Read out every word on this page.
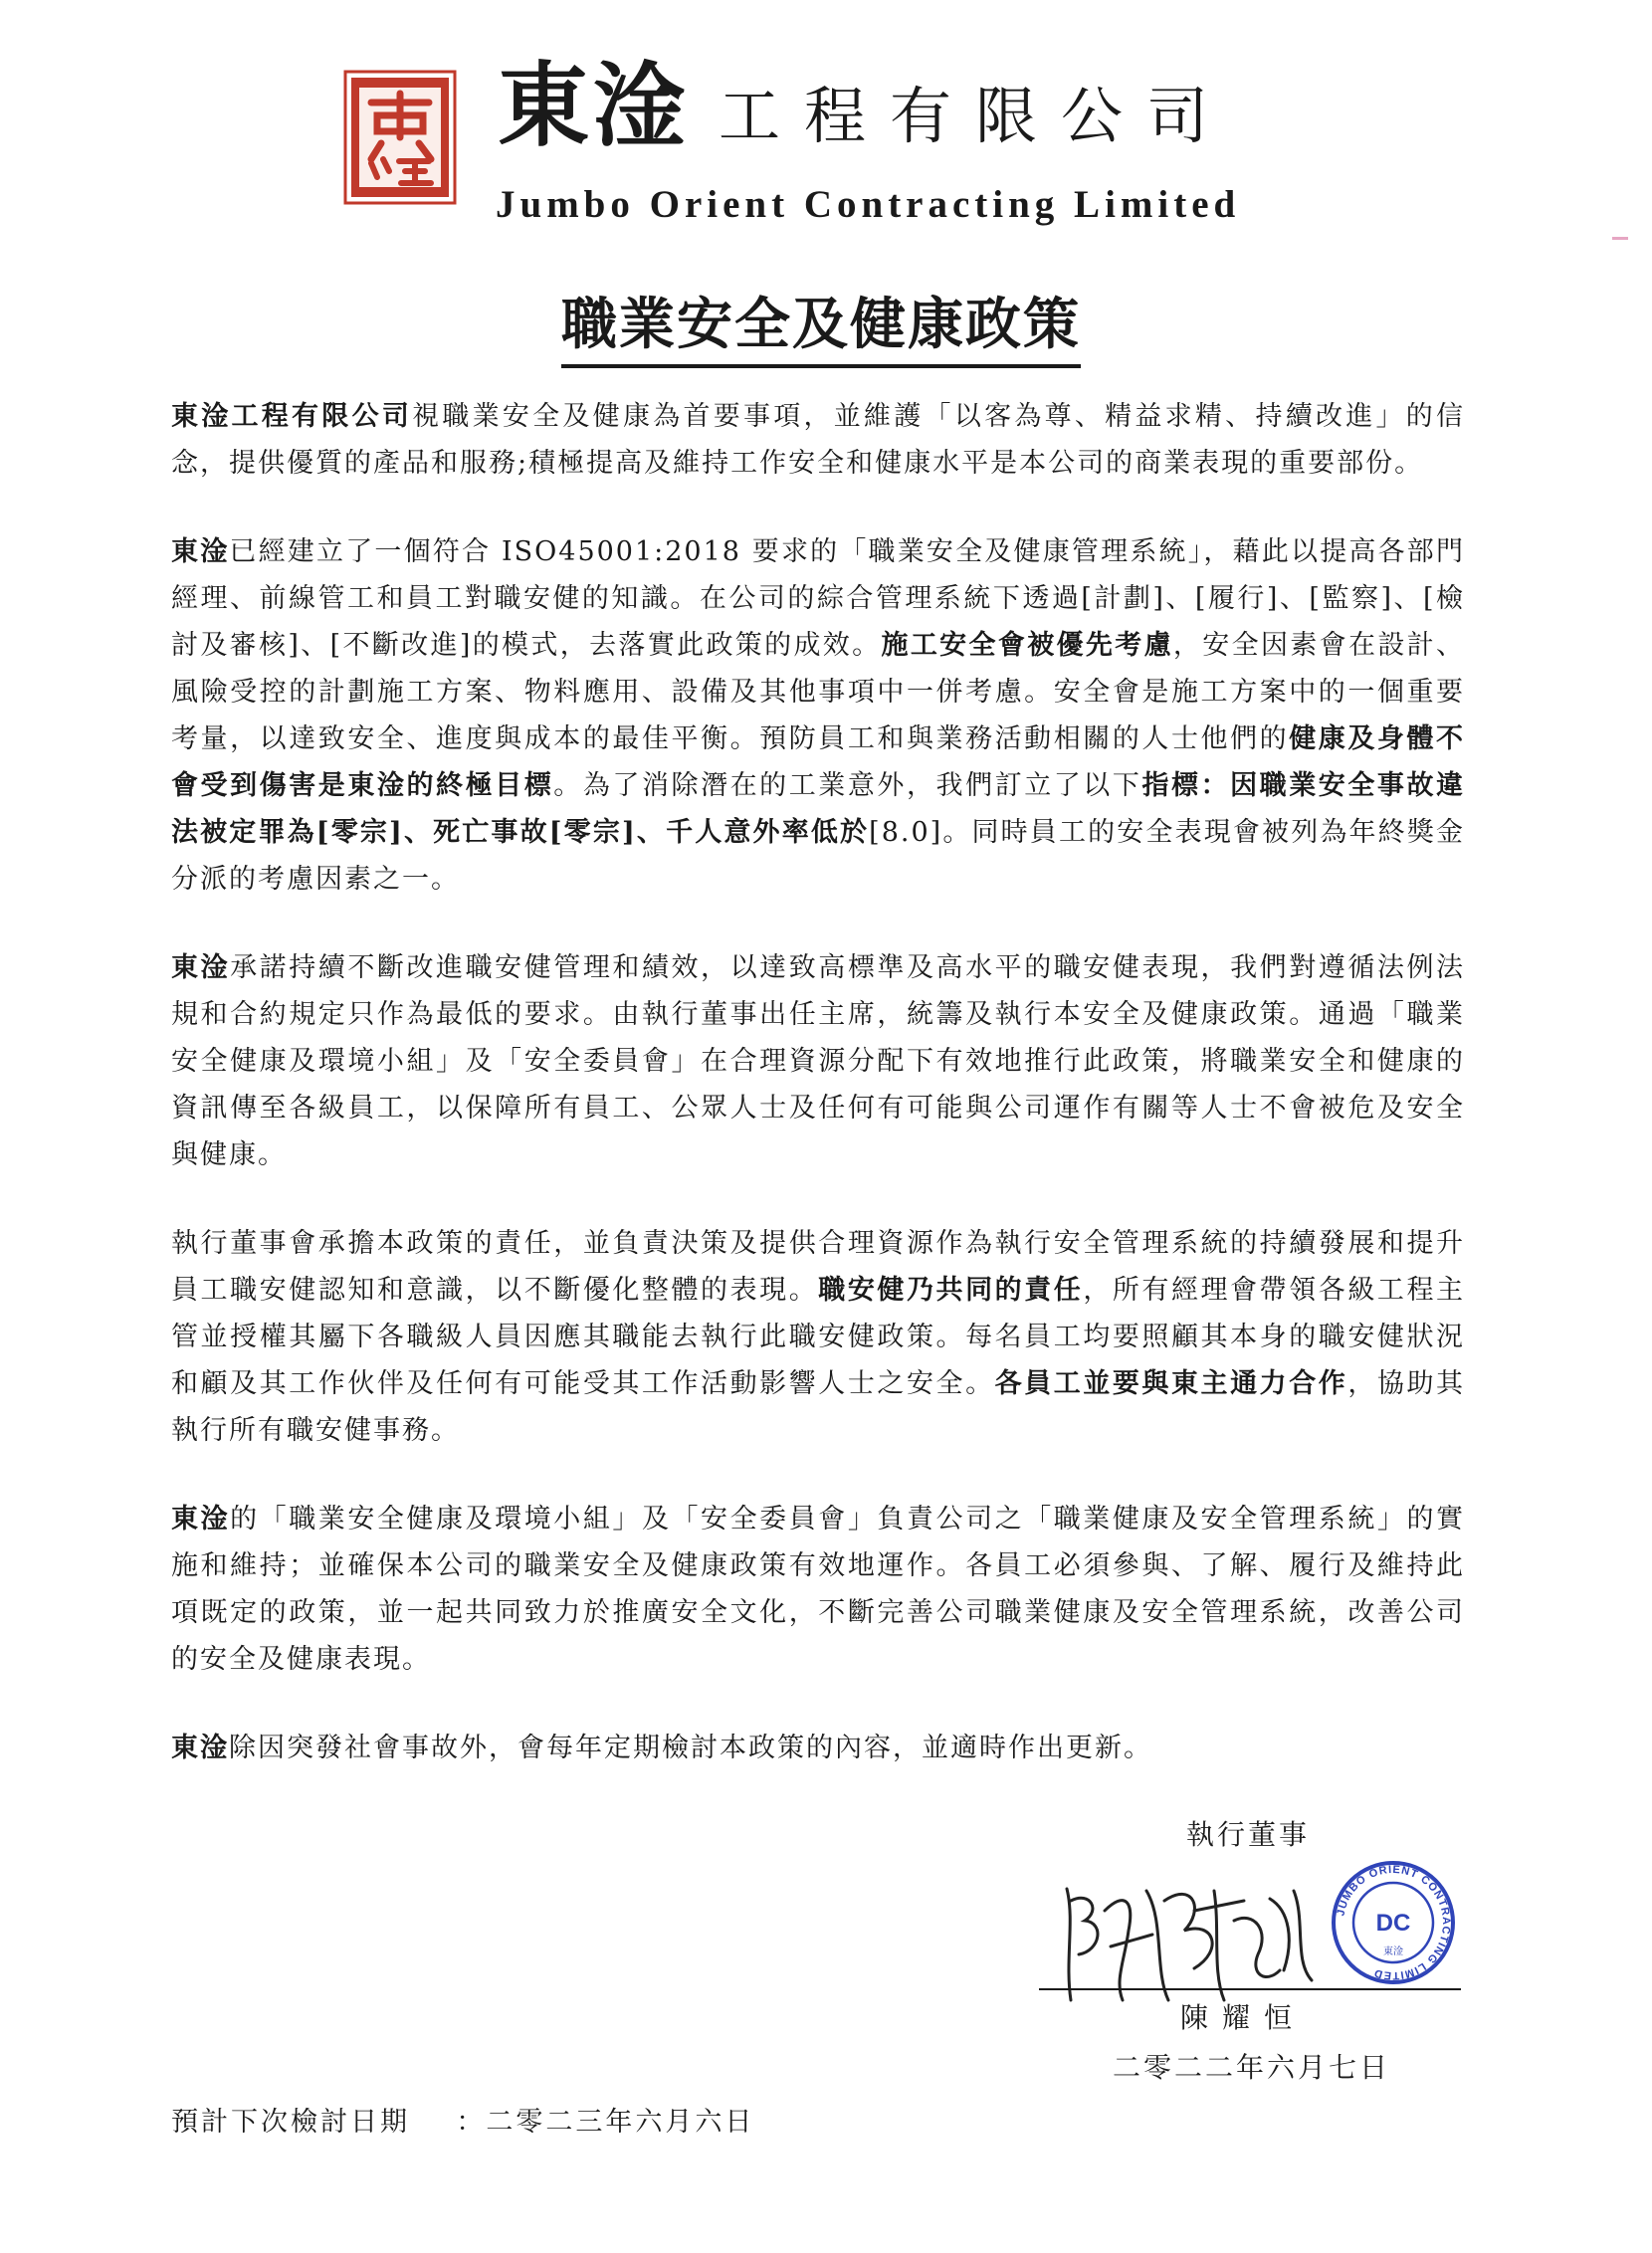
東淦 工程有限公司
Jumbo Orient Contracting Limited
職業安全及健康政策

東淦工程有限公司視職業安全及健康為首要事項，並維護「以客為尊、精益求精、持續改進」的信念，提供優質的產品和服務;積極提高及維持工作安全和健康水平是本公司的商業表現的重要部份。

東淦已經建立了一個符合 ISO45001:2018 要求的「職業安全及健康管理系統」，藉此以提高各部門經理、前線管工和員工對職安健的知識。在公司的綜合管理系統下透過[計劃]、[履行]、[監察]、[檢討及審核]、[不斷改進]的模式，去落實此政策的成效。施工安全會被優先考慮，安全因素會在設計、風險受控的計劃施工方案、物料應用、設備及其他事項中一併考慮。安全會是施工方案中的一個重要考量，以達致安全、進度與成本的最佳平衡。預防員工和與業務活動相關的人士他們的健康及身體不會受到傷害是東淦的終極目標。為了消除潛在的工業意外，我們訂立了以下指標：因職業安全事故違法被定罪為[零宗]、死亡事故[零宗]、千人意外率低於[8.0]。同時員工的安全表現會被列為年終獎金分派的考慮因素之一。

東淦承諾持續不斷改進職安健管理和績效，以達致高標準及高水平的職安健表現，我們對遵循法例法規和合約規定只作為最低的要求。由執行董事出任主席，統籌及執行本安全及健康政策。通過「職業安全健康及環境小組」及「安全委員會」在合理資源分配下有效地推行此政策，將職業安全和健康的資訊傳至各級員工，以保障所有員工、公眾人士及任何有可能與公司運作有關等人士不會被危及安全與健康。

執行董事會承擔本政策的責任，並負責決策及提供合理資源作為執行安全管理系統的持續發展和提升員工職安健認知和意識，以不斷優化整體的表現。職安健乃共同的責任，所有經理會帶領各級工程主管並授權其屬下各職級人員因應其職能去執行此職安健政策。每名員工均要照顧其本身的職安健狀況和顧及其工作伙伴及任何有可能受其工作活動影響人士之安全。各員工並要與東主通力合作，協助其執行所有職安健事務。

東淦的「職業安全健康及環境小組」及「安全委員會」負責公司之「職業健康及安全管理系統」的實施和維持；並確保本公司的職業安全及健康政策有效地運作。各員工必須參與、了解、履行及維持此項既定的政策，並一起共同致力於推廣安全文化，不斷完善公司職業健康及安全管理系統，改善公司的安全及健康表現。

東淦除因突發社會事故外，會每年定期檢討本政策的內容，並適時作出更新。

執行董事
JUMBO ORIENT CONTRACTING LIMITED
DC
東淦
陳耀恒
二零二二年六月七日
預計下次檢討日期 ：二零二三年六月六日
